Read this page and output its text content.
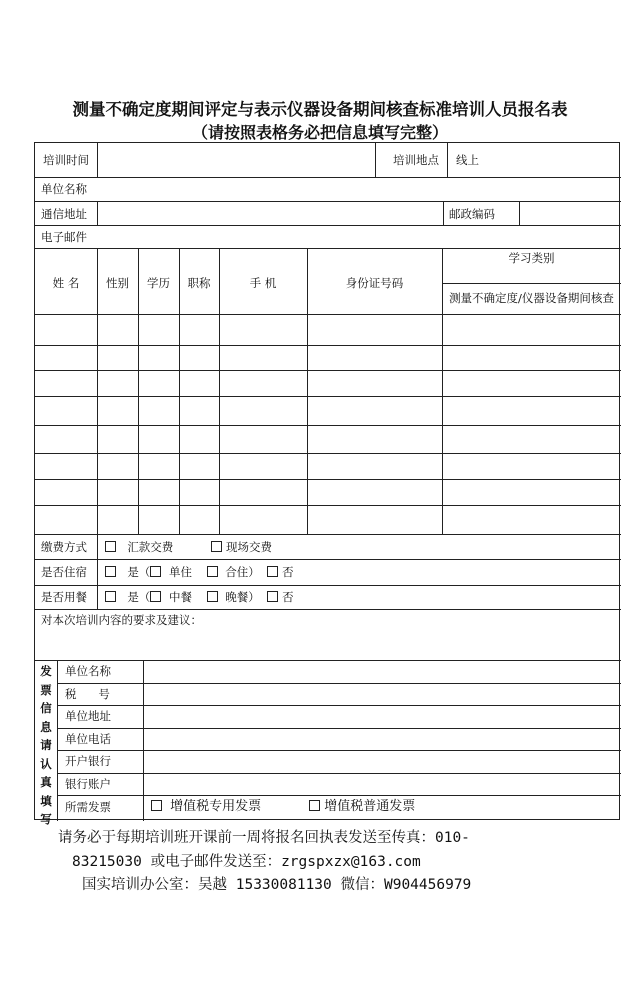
测量不确定度期间评定与表示仪器设备期间核查标准培训人员报名表
（请按照表格务必把信息填写完整）
培训时间	培训地点 线上
单位名称
通信地址	邮政编码
电子邮件
姓 名	性别	学历	职称	手 机	身份证号码
学习类别
测量不确定度/仪器设备期间核查
缴费方式	汇款交费	现场交费
是否住宿	是（ 单住	合住） 否
是否用餐	是（ 中餐	晚餐） 否
对本次培训内容的要求及建议：
发
票
信
息
请
认
真
填
写
单位名称
税      号
单位地址
单位电话
开户银行
银行账户
所需发票	增值税专用发票	增值税普通发票
请务必于每期培训班开课前一周将报名回执表发送至传真：010-
83215030 或电子邮件发送至：zrgspxzx@163.com
国实培训办公室：吴越 15330081130 微信：W904456979
